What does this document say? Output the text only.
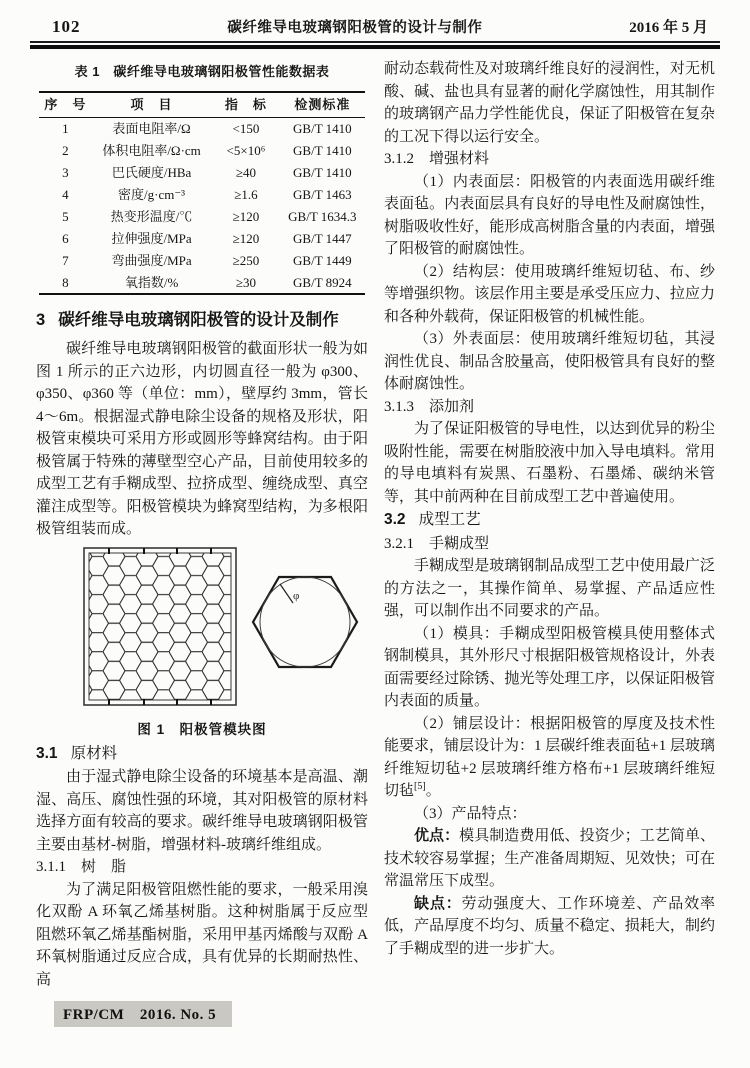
102	碳纤维导电玻璃钢阳极管的设计与制作	2016 年 5 月
表 1　碳纤维导电玻璃钢阳极管性能数据表
序　号	项　目	指　标	检测标准
1	表面电阻率/Ω	<150	GB/T 1410
2	体积电阻率/Ω·cm	<5×10⁶	GB/T 1410
3	巴氏硬度/HBa	≥40	GB/T 1410
4	密度/g·cm⁻³	≥1.6	GB/T 1463
5	热变形温度/℃	≥120	GB/T 1634.3
6	拉伸强度/MPa	≥120	GB/T 1447
7	弯曲强度/MPa	≥250	GB/T 1449
8	氧指数/%	≥30	GB/T 8924
3 碳纤维导电玻璃钢阳极管的设计及制作

碳纤维导电玻璃钢阳极管的截面形状一般为如图 1 所示的正六边形，内切圆直径一般为 φ300、φ350、φ360 等（单位：mm），壁厚约 3mm，管长 4～6m。根据湿式静电除尘设备的规格及形状，阳极管束模块可采用方形或圆形等蜂窝结构。由于阳极管属于特殊的薄壁型空心产品，目前使用较多的成型工艺有手糊成型、拉挤成型、缠绕成型、真空灌注成型等。阳极管模块为蜂窝型结构，为多根阳极管组装而成。

φ
图 1　阳极管模块图
3.1 原材料

由于湿式静电除尘设备的环境基本是高温、潮湿、高压、腐蚀性强的环境，其对阳极管的原材料选择方面有较高的要求。碳纤维导电玻璃钢阳极管主要由基材-树脂，增强材料-玻璃纤维组成。

3.1.1　树　脂

为了满足阳极管阻燃性能的要求，一般采用溴化双酚 A 环氧乙烯基树脂。这种树脂属于反应型阻燃环氧乙烯基酯树脂，采用甲基丙烯酸与双酚 A 环氧树脂通过反应合成，具有优异的长期耐热性、高

耐动态载荷性及对玻璃纤维良好的浸润性，对无机酸、碱、盐也具有显著的耐化学腐蚀性，用其制作的玻璃钢产品力学性能优良，保证了阳极管在复杂的工况下得以运行安全。

3.1.2　增强材料

（1）内表面层：阳极管的内表面选用碳纤维表面毡。内表面层具有良好的导电性及耐腐蚀性，树脂吸收性好，能形成高树脂含量的内表面，增强了阳极管的耐腐蚀性。

（2）结构层：使用玻璃纤维短切毡、布、纱等增强织物。该层作用主要是承受压应力、拉应力和各种外载荷，保证阳极管的机械性能。

（3）外表面层：使用玻璃纤维短切毡，其浸润性优良、制品含胶量高，使阳极管具有良好的整体耐腐蚀性。

3.1.3　添加剂

为了保证阳极管的导电性，以达到优异的粉尘吸附性能，需要在树脂胶液中加入导电填料。常用的导电填料有炭黑、石墨粉、石墨烯、碳纳米管等，其中前两种在目前成型工艺中普遍使用。

3.2 成型工艺
3.2.1　手糊成型

手糊成型是玻璃钢制品成型工艺中使用最广泛的方法之一，其操作简单、易掌握、产品适应性强，可以制作出不同要求的产品。

（1）模具：手糊成型阳极管模具使用整体式钢制模具，其外形尺寸根据阳极管规格设计，外表面需要经过除锈、抛光等处理工序，以保证阳极管内表面的质量。

（2）铺层设计：根据阳极管的厚度及技术性能要求，铺层设计为：1 层碳纤维表面毡+1 层玻璃纤维短切毡+2 层玻璃纤维方格布+1 层玻璃纤维短切毡[5]。

（3）产品特点：

优点：模具制造费用低、投资少；工艺简单、技术较容易掌握；生产准备周期短、见效快；可在常温常压下成型。

缺点：劳动强度大、工作环境差、产品效率低，产品厚度不均匀、质量不稳定、损耗大，制约了手糊成型的进一步扩大。

FRP/CM　2016. No. 5
